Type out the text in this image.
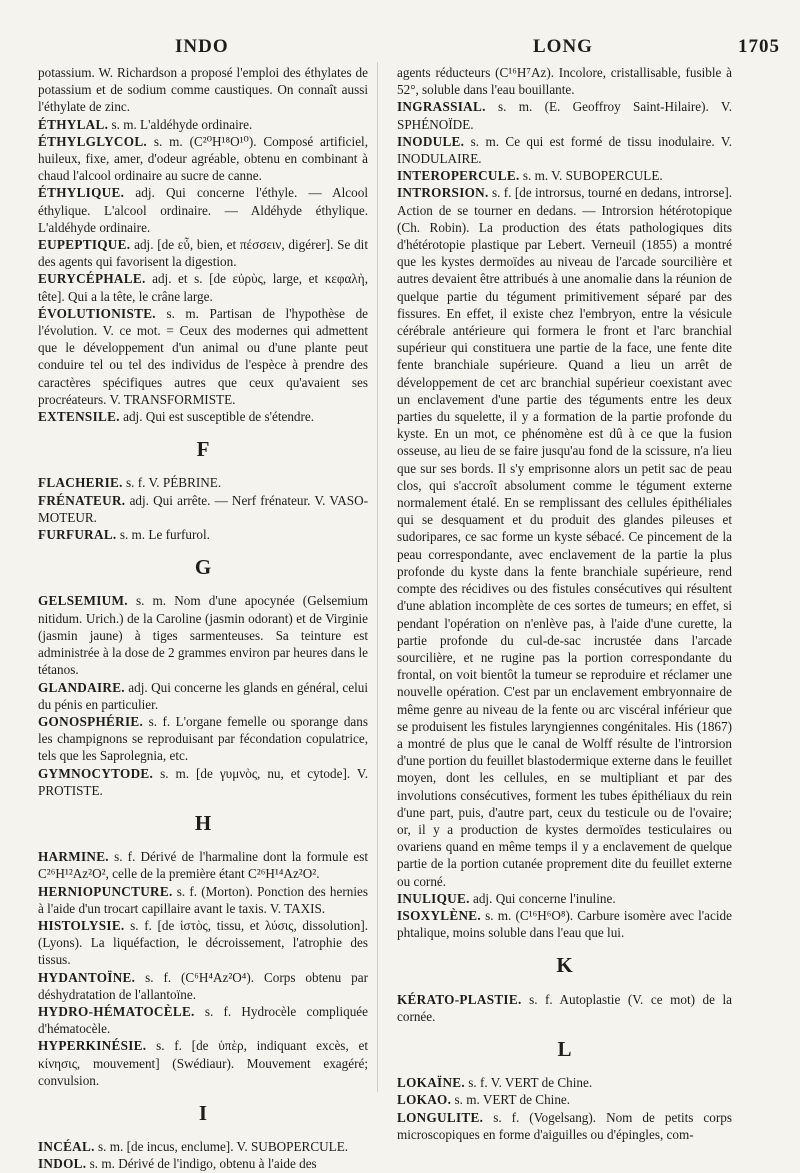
INDO	LONG	1705

potassium. W. Richardson a proposé l'emploi des éthylates de potassium et de sodium comme caustiques. On connaît aussi l'éthylate de zinc.

ÉTHYLAL. s. m. L'aldéhyde ordinaire.

ÉTHYLGLYCOL. s. m. (C²⁰H¹⁸O¹⁰). Composé artificiel, huileux, fixe, amer, d'odeur agréable, obtenu en combinant à chaud l'alcool ordinaire au sucre de canne.

ÉTHYLIQUE. adj. Qui concerne l'éthyle. — Alcool éthylique. L'alcool ordinaire. — Aldéhyde éthylique. L'aldéhyde ordinaire.

EUPEPTIQUE. adj. [de εὖ, bien, et πέσσειν, digérer]. Se dit des agents qui favorisent la digestion.

EURYCÉPHALE. adj. et s. [de εὐρὺς, large, et κεφαλὴ, tête]. Qui a la tête, le crâne large.

ÉVOLUTIONISTE. s. m. Partisan de l'hypothèse de l'évolution. V. ce mot. = Ceux des modernes qui admettent que le développement d'un animal ou d'une plante peut conduire tel ou tel des individus de l'espèce à prendre des caractères spécifiques autres que ceux qu'avaient ses procréateurs. V. TRANSFORMISTE.

EXTENSILE. adj. Qui est susceptible de s'étendre.

F

FLACHERIE. s. f. V. PÉBRINE.

FRÉNATEUR. adj. Qui arrête. — Nerf frénateur. V. VASO-MOTEUR.

FURFURAL. s. m. Le furfurol.

G

GELSEMIUM. s. m. Nom d'une apocynée (Gelsemium nitidum. Urich.) de la Caroline (jasmin odorant) et de Virginie (jasmin jaune) à tiges sarmenteuses. Sa teinture est administrée à la dose de 2 grammes environ par heures dans le tétanos.

GLANDAIRE. adj. Qui concerne les glands en général, celui du pénis en particulier.

GONOSPHÉRIE. s. f. L'organe femelle ou sporange dans les champignons se reproduisant par fécondation copulatrice, tels que les Saprolegnia, etc.

GYMNOCYTODE. s. m. [de γυμνὸς, nu, et cytode]. V. PROTISTE.

H

HARMINE. s. f. Dérivé de l'harmaline dont la formule est C²⁶H¹²Az²O², celle de la première étant C²⁶H¹⁴Az²O².

HERNIOPUNCTURE. s. f. (Morton). Ponction des hernies à l'aide d'un trocart capillaire avant le taxis. V. TAXIS.

HISTOLYSIE. s. f. [de ἱστὸς, tissu, et λύσις, dissolution]. (Lyons). La liquéfaction, le décroissement, l'atrophie des tissus.

HYDANTOÏNE. s. f. (C⁶H⁴Az²O⁴). Corps obtenu par déshydratation de l'allantoïne.

HYDRO-HÉMATOCÈLE. s. f. Hydrocèle compliquée d'hématocèle.

HYPERKINÉSIE. s. f. [de ὑπὲρ, indiquant excès, et κίνησις, mouvement] (Swédiaur). Mouvement exagéré; convulsion.

I

INCÉAL. s. m. [de incus, enclume]. V. SUBOPERCULE.

INDOL. s. m. Dérivé de l'indigo, obtenu à l'aide des

agents réducteurs (C¹⁶H⁷Az). Incolore, cristallisable, fusible à 52°, soluble dans l'eau bouillante.

INGRASSIAL. s. m. (E. Geoffroy Saint-Hilaire). V. SPHÉNOÏDE.

INODULE. s. m. Ce qui est formé de tissu inodulaire. V. INODULAIRE.

INTEROPERCULE. s. m. V. SUBOPERCULE.

INTRORSION. s. f. [de introrsus, tourné en dedans, introrse]. Action de se tourner en dedans. — Introrsion hétérotopique (Ch. Robin). La production des états pathologiques dits d'hétérotopie plastique par Lebert. Verneuil (1855) a montré que les kystes dermoïdes au niveau de l'arcade sourcilière et autres devaient être attribués à une anomalie dans la réunion de quelque partie du tégument primitivement séparé par des fissures. En effet, il existe chez l'embryon, entre la vésicule cérébrale antérieure qui formera le front et l'arc branchial supérieur qui constituera une partie de la face, une fente dite fente branchiale supérieure. Quand a lieu un arrêt de développement de cet arc branchial supérieur coexistant avec un enclavement d'une partie des téguments entre les deux parties du squelette, il y a formation de la partie profonde du kyste. En un mot, ce phénomène est dû à ce que la fusion osseuse, au lieu de se faire jusqu'au fond de la scissure, n'a lieu que sur ses bords. Il s'y emprisonne alors un petit sac de peau clos, qui s'accroît absolument comme le tégument externe normalement étalé. En se remplissant des cellules épithéliales qui se desquament et du produit des glandes pileuses et sudoripares, ce sac forme un kyste sébacé. Ce pincement de la peau correspondante, avec enclavement de la partie la plus profonde du kyste dans la fente branchiale supérieure, rend compte des récidives ou des fistules consécutives qui résultent d'une ablation incomplète de ces sortes de tumeurs; en effet, si pendant l'opération on n'enlève pas, à l'aide d'une curette, la partie profonde du cul-de-sac incrustée dans l'arcade sourcilière, et ne rugine pas la portion correspondante du frontal, on voit bientôt la tumeur se reproduire et réclamer une nouvelle opération. C'est par un enclavement embryonnaire de même genre au niveau de la fente ou arc viscéral inférieur que se produisent les fistules laryngiennes congénitales. His (1867) a montré de plus que le canal de Wolff résulte de l'introrsion d'une portion du feuillet blastodermique externe dans le feuillet moyen, dont les cellules, en se multipliant et par des involutions consécutives, forment les tubes épithéliaux du rein d'une part, puis, d'autre part, ceux du testicule ou de l'ovaire; or, il y a production de kystes dermoïdes testiculaires ou ovariens quand en même temps il y a enclavement de quelque partie de la portion cutanée proprement dite du feuillet externe ou corné.

INULIQUE. adj. Qui concerne l'inuline.

ISOXYLÈNE. s. m. (C¹⁶H⁶O⁸). Carbure isomère avec l'acide phtalique, moins soluble dans l'eau que lui.

K

KÉRATO-PLASTIE. s. f. Autoplastie (V. ce mot) de la cornée.

L

LOKAÏNE. s. f. V. VERT de Chine.

LOKAO. s. m. VERT de Chine.

LONGULITE. s. f. (Vogelsang). Nom de petits corps microscopiques en forme d'aiguilles ou d'épingles, com-
